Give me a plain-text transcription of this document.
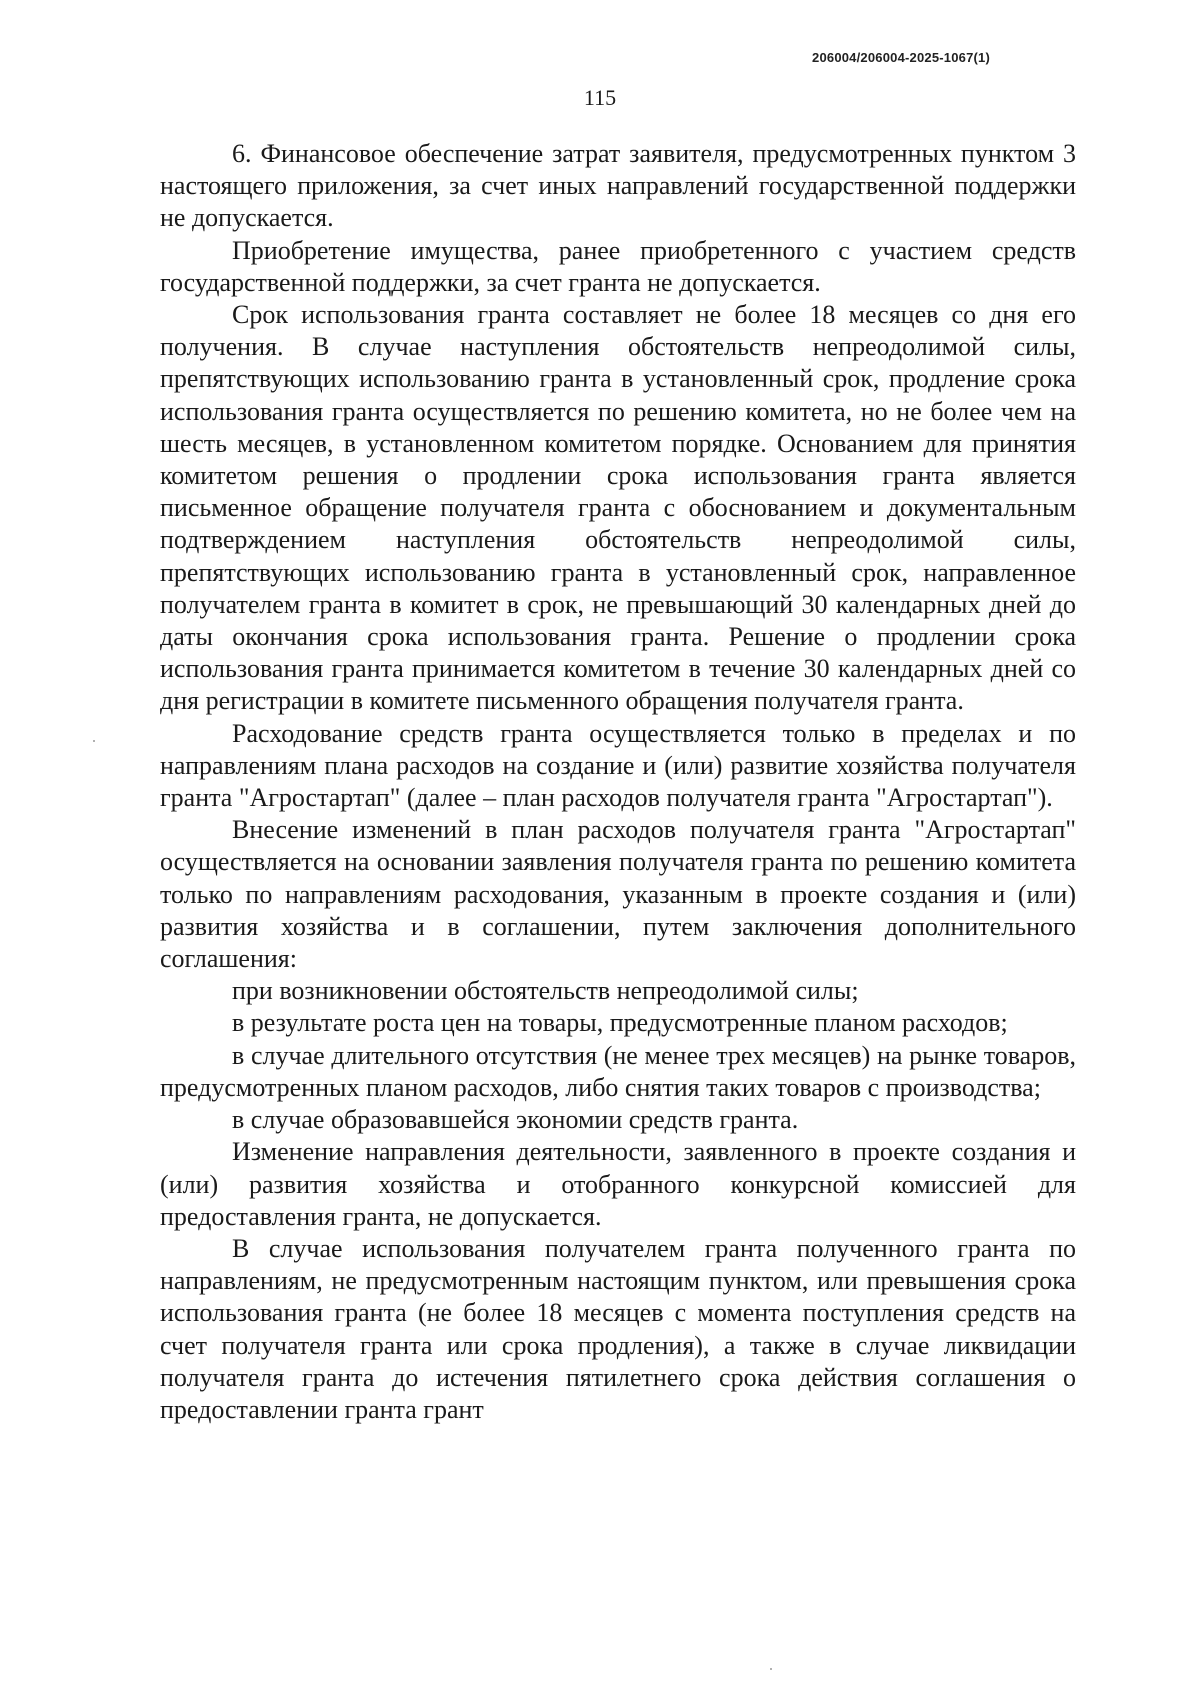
206004/206004-2025-1067(1)
115

6. Финансовое обеспечение затрат заявителя, предусмотренных пунктом 3 настоящего приложения, за счет иных направлений государственной поддержки не допускается.

Приобретение имущества, ранее приобретенного с участием средств государственной поддержки, за счет гранта не допускается.

Срок использования гранта составляет не более 18 месяцев со дня его получения. В случае наступления обстоятельств непреодолимой силы, препятствующих использованию гранта в установленный срок, продление срока использования гранта осуществляется по решению комитета, но не более чем на шесть месяцев, в установленном комитетом порядке. Основанием для принятия комитетом решения о продлении срока использования гранта является письменное обращение получателя гранта с обоснованием и документальным подтверждением наступления обстоятельств непреодолимой силы, препятствующих использованию гранта в установленный срок, направленное получателем гранта в комитет в срок, не превышающий 30 календарных дней до даты окончания срока использования гранта. Решение о продлении срока использования гранта принимается комитетом в течение 30 календарных дней со дня регистрации в комитете письменного обращения получателя гранта.

Расходование средств гранта осуществляется только в пределах и по направлениям плана расходов на создание и (или) развитие хозяйства получателя гранта "Агростартап" (далее – план расходов получателя гранта "Агростартап").

Внесение изменений в план расходов получателя гранта "Агростартап" осуществляется на основании заявления получателя гранта по решению комитета только по направлениям расходования, указанным в проекте создания и (или) развития хозяйства и в соглашении, путем заключения дополнительного соглашения:

при возникновении обстоятельств непреодолимой силы;

в результате роста цен на товары, предусмотренные планом расходов;

в случае длительного отсутствия (не менее трех месяцев) на рынке товаров, предусмотренных планом расходов, либо снятия таких товаров с производства;

в случае образовавшейся экономии средств гранта.

Изменение направления деятельности, заявленного в проекте создания и (или) развития хозяйства и отобранного конкурсной комиссией для предоставления гранта, не допускается.

В случае использования получателем гранта полученного гранта по направлениям, не предусмотренным настоящим пунктом, или превышения срока использования гранта (не более 18 месяцев с момента поступления средств на счет получателя гранта или срока продления), а также в случае ликвидации получателя гранта до истечения пятилетнего срока действия соглашения о предоставлении гранта грант
